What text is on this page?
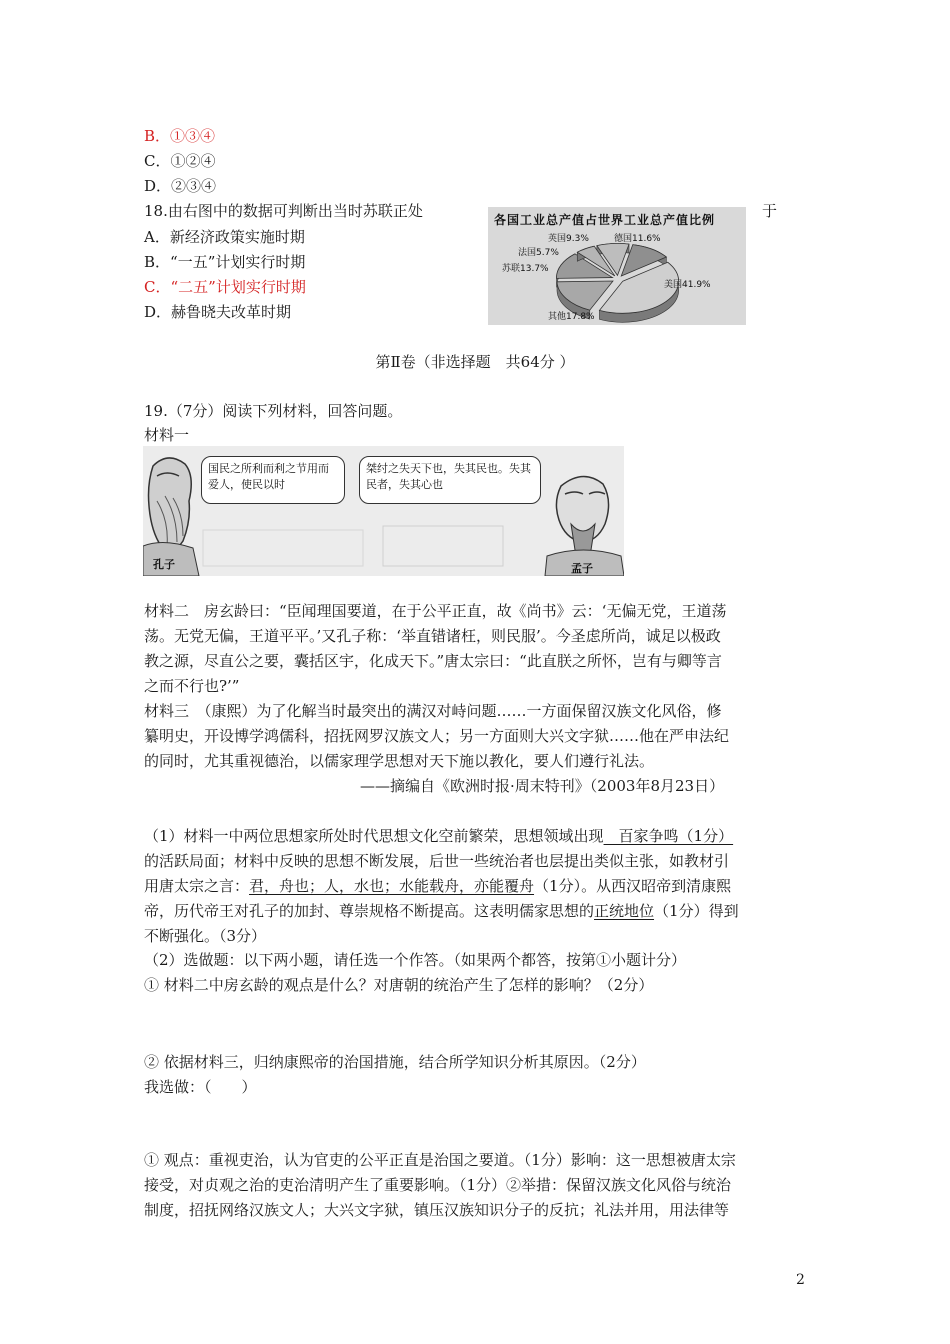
B．①③④
C．①②④
D．②③④
18.由右图中的数据可判断出当时苏联正处	于
A．新经济政策实施时期
B．“一五”计划实行时期
C．“二五”计划实行时期
D．赫鲁晓夫改革时期
各国工业总产值占世界工业总产值比例
英国9.3%	德国11.6%
美国41.9%
其他17.8%
苏联13.7%
法国5.7%
第Ⅱ卷（非选择题　共64分 ）
19.（7分）阅读下列材料，回答问题。
材料一
国民之所利而利之节用而爱人，使民以时
桀纣之失天下也，失其民也。失其民者，失其心也
孔子	孟子
材料二　房玄龄曰：“臣闻理国要道，在于公平正直，故《尚书》云：‘无偏无党，王道荡
荡。无党无偏，王道平平。’又孔子称：‘举直错诸枉，则民服’。今圣虑所尚，诚足以极政
教之源，尽直公之要，囊括区宇，化成天下。”唐太宗曰：“此直朕之所怀，岂有与卿等言
之而不行也?’”
材料三　（康熙）为了化解当时最突出的满汉对峙问题……一方面保留汉族文化风俗，修
纂明史，开设博学鸿儒科，招抚网罗汉族文人；另一方面则大兴文字狱……他在严申法纪
的同时，尤其重视德治，以儒家理学思想对天下施以教化，要人们遵行礼法。
——摘编自《欧洲时报·周末特刊》（2003年8月23日）
（1）材料一中两位思想家所处时代思想文化空前繁荣，思想领域出现　百家争鸣（1分）
的活跃局面；材料中反映的思想不断发展，后世一些统治者也层提出类似主张，如教材引
用唐太宗之言：君，舟也；人，水也；水能载舟，亦能覆舟（1分）。从西汉昭帝到清康熙
帝，历代帝王对孔子的加封、尊崇规格不断提高。这表明儒家思想的正统地位（1分）得到
不断强化。（3分）
（2）选做题：以下两小题，请任选一个作答。（如果两个都答，按第①小题计分）
① 材料二中房玄龄的观点是什么？对唐朝的统治产生了怎样的影响？（2分）
② 依据材料三，归纳康熙帝的治国措施，结合所学知识分析其原因。（2分）
我选做：（　　）
① 观点：重视吏治，认为官吏的公平正直是治国之要道。（1分）影响：这一思想被唐太宗
接受，对贞观之治的吏治清明产生了重要影响。（1分）②举措：保留汉族文化风俗与统治
制度，招抚网络汉族文人；大兴文字狱，镇压汉族知识分子的反抗；礼法并用，用法律等
2
